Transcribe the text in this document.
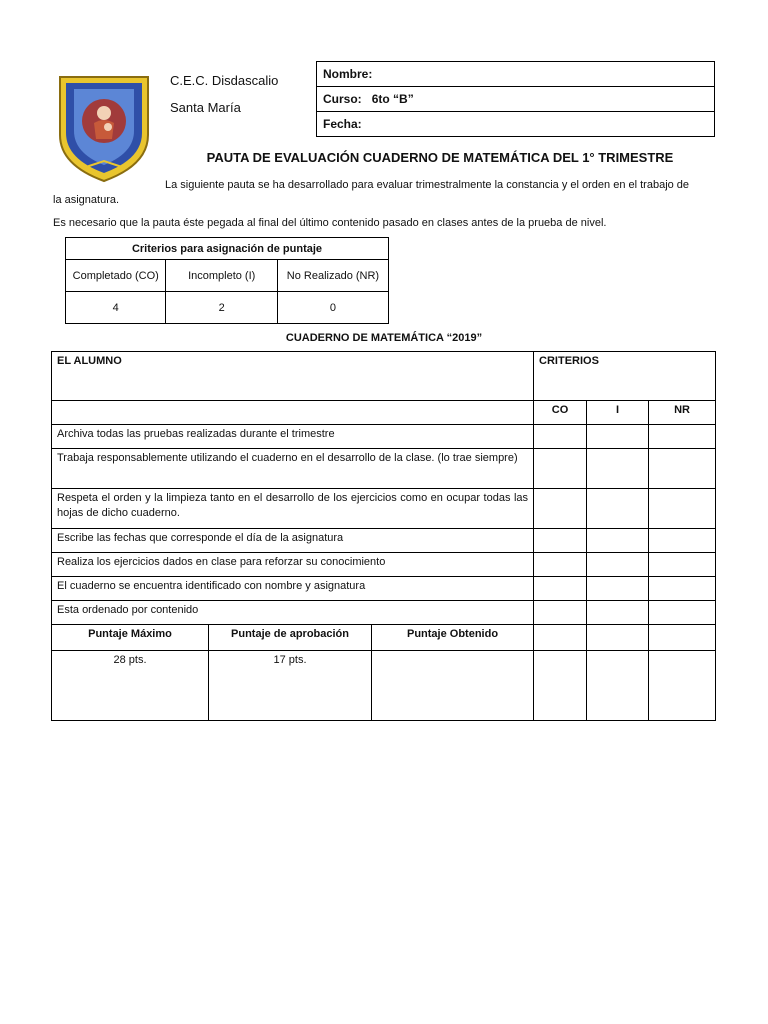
C.E.C. Disdascalio
Santa María
Nombre:
Curso: 6to “B”
Fecha:
PAUTA DE EVALUACIÓN CUADERNO DE MATEMÁTICA DEL 1° TRIMESTRE
La siguiente pauta se ha desarrollado para evaluar trimestralmente la constancia y el orden en el trabajo de
la asignatura.
Es necesario que la pauta éste pegada al final del último contenido pasado en clases antes de la prueba de nivel.
Criterios para asignación de puntaje		
Completado (CO)	Incompleto (I)	No Realizado (NR)
4	2	0
CUADERNO DE MATEMÁTICA “2019”
EL ALUMNO			CRITERIOS		
			CO	I	NR
Archiva todas las pruebas realizadas durante el trimestre					
Trabaja responsablemente utilizando el cuaderno en el desarrollo de la clase. (lo trae siempre)					
Respeta el orden y la limpieza tanto en el desarrollo de los ejercicios como en ocupar todas las hojas de dicho cuaderno.					
Escribe las fechas que corresponde el día de la asignatura					
Realiza los ejercicios dados en clase para reforzar su conocimiento					
El cuaderno se encuentra identificado con nombre y asignatura					
Esta ordenado por contenido					
Puntaje Máximo	Puntaje de aprobación	Puntaje Obtenido			
28 pts.	17 pts.				
